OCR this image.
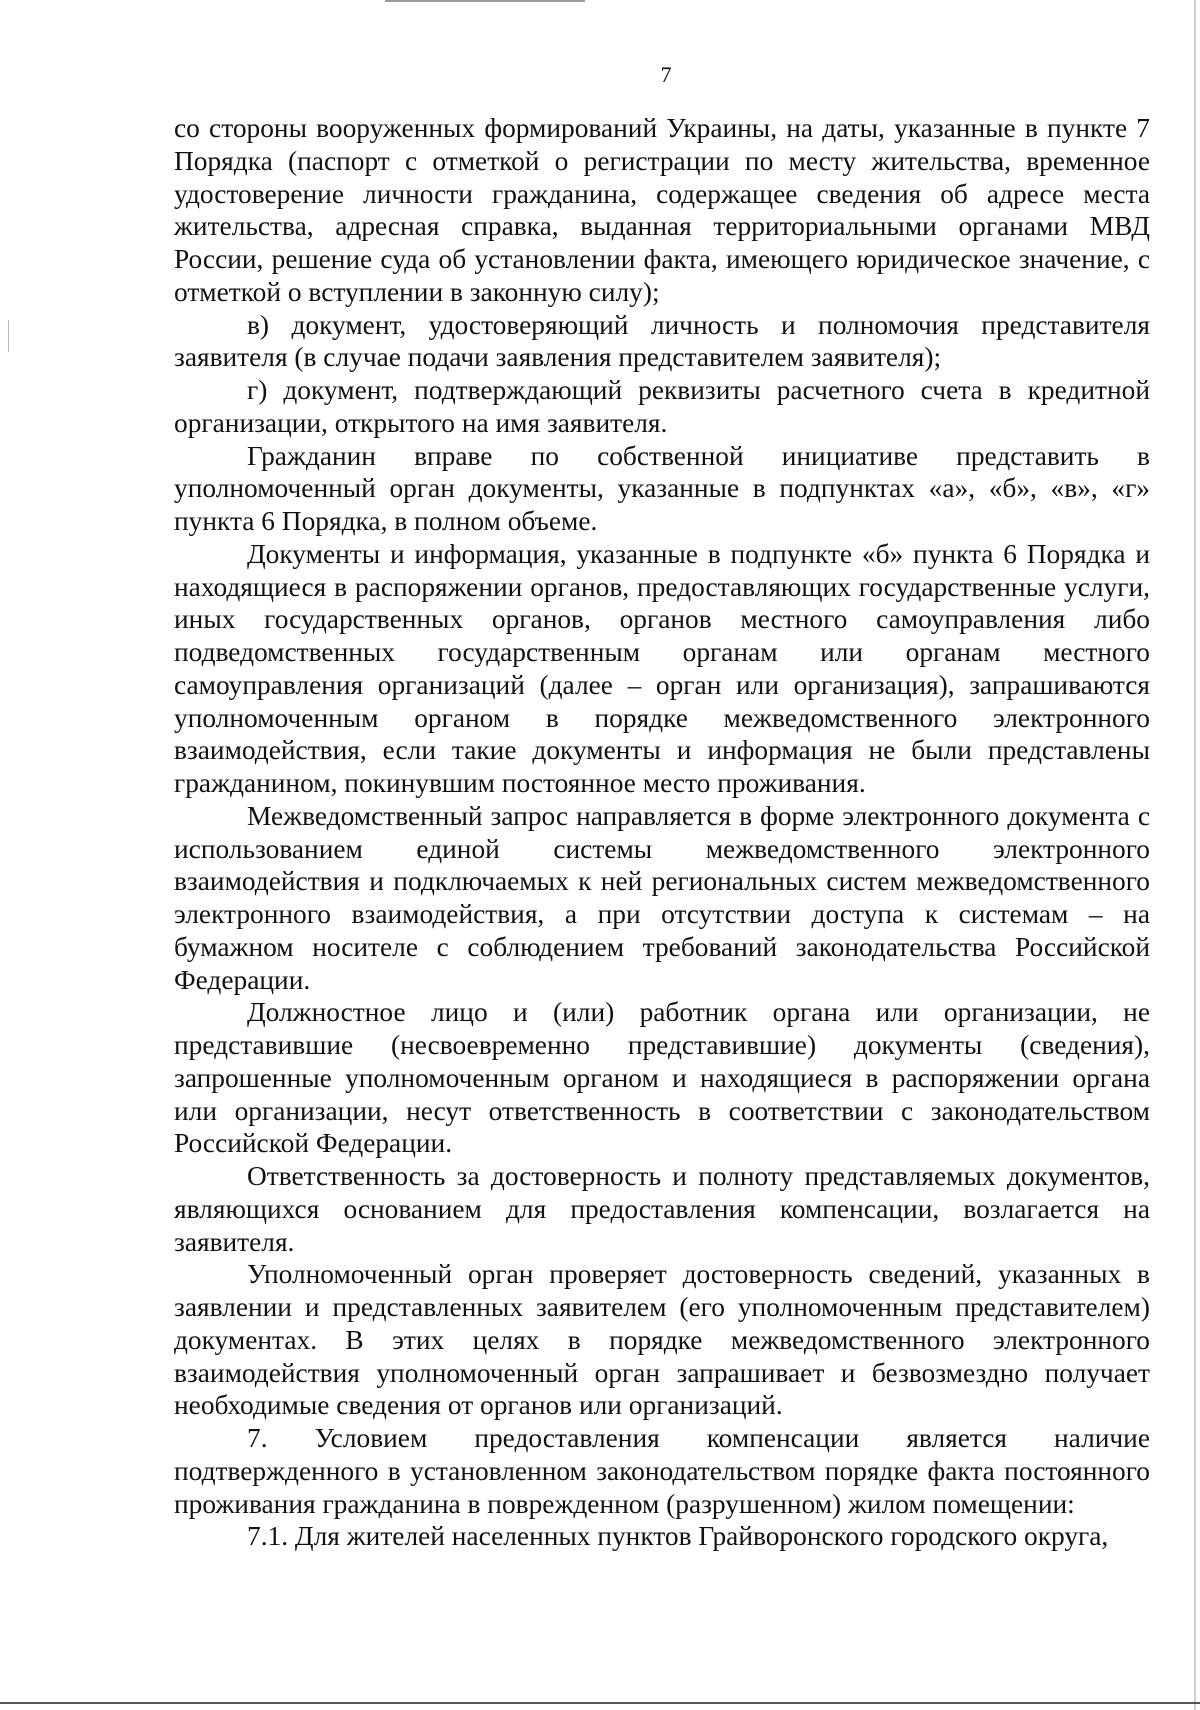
7

со стороны вооруженных формирований Украины, на даты, указанные в пункте 7 Порядка (паспорт с отметкой о регистрации по месту жительства, временное удостоверение личности гражданина, содержащее сведения об адресе места жительства, адресная справка, выданная территориальными органами МВД России, решение суда об установлении факта, имеющего юридическое значение, с отметкой о вступлении в законную силу);

в) документ, удостоверяющий личность и полномочия представителя заявителя (в случае подачи заявления представителем заявителя);

г) документ, подтверждающий реквизиты расчетного счета в кредитной организации, открытого на имя заявителя.

Гражданин вправе по собственной инициативе представить в уполномоченный орган документы, указанные в подпунктах «а», «б», «в», «г» пункта 6 Порядка, в полном объеме.

Документы и информация, указанные в подпункте «б» пункта 6 Порядка и находящиеся в распоряжении органов, предоставляющих государственные услуги, иных государственных органов, органов местного самоуправления либо подведомственных государственным органам или органам местного самоуправления организаций (далее – орган или организация), запрашиваются уполномоченным органом в порядке межведомственного электронного взаимодействия, если такие документы и информация не были представлены гражданином, покинувшим постоянное место проживания.

Межведомственный запрос направляется в форме электронного документа с использованием единой системы межведомственного электронного взаимодействия и подключаемых к ней региональных систем межведомственного электронного взаимодействия, а при отсутствии доступа к системам – на бумажном носителе с соблюдением требований законодательства Российской Федерации.

Должностное лицо и (или) работник органа или организации, не представившие (несвоевременно представившие) документы (сведения), запрошенные уполномоченным органом и находящиеся в распоряжении органа или организации, несут ответственность в соответствии с законодательством Российской Федерации.

Ответственность за достоверность и полноту представляемых документов, являющихся основанием для предоставления компенсации, возлагается на заявителя.

Уполномоченный орган проверяет достоверность сведений, указанных в заявлении и представленных заявителем (его уполномоченным представителем) документах. В этих целях в порядке межведомственного электронного взаимодействия уполномоченный орган запрашивает и безвозмездно получает необходимые сведения от органов или организаций.

7. Условием предоставления компенсации является наличие подтвержденного в установленном законодательством порядке факта постоянного проживания гражданина в поврежденном (разрушенном) жилом помещении:

7.1. Для жителей населенных пунктов Грайворонского городского округа,
